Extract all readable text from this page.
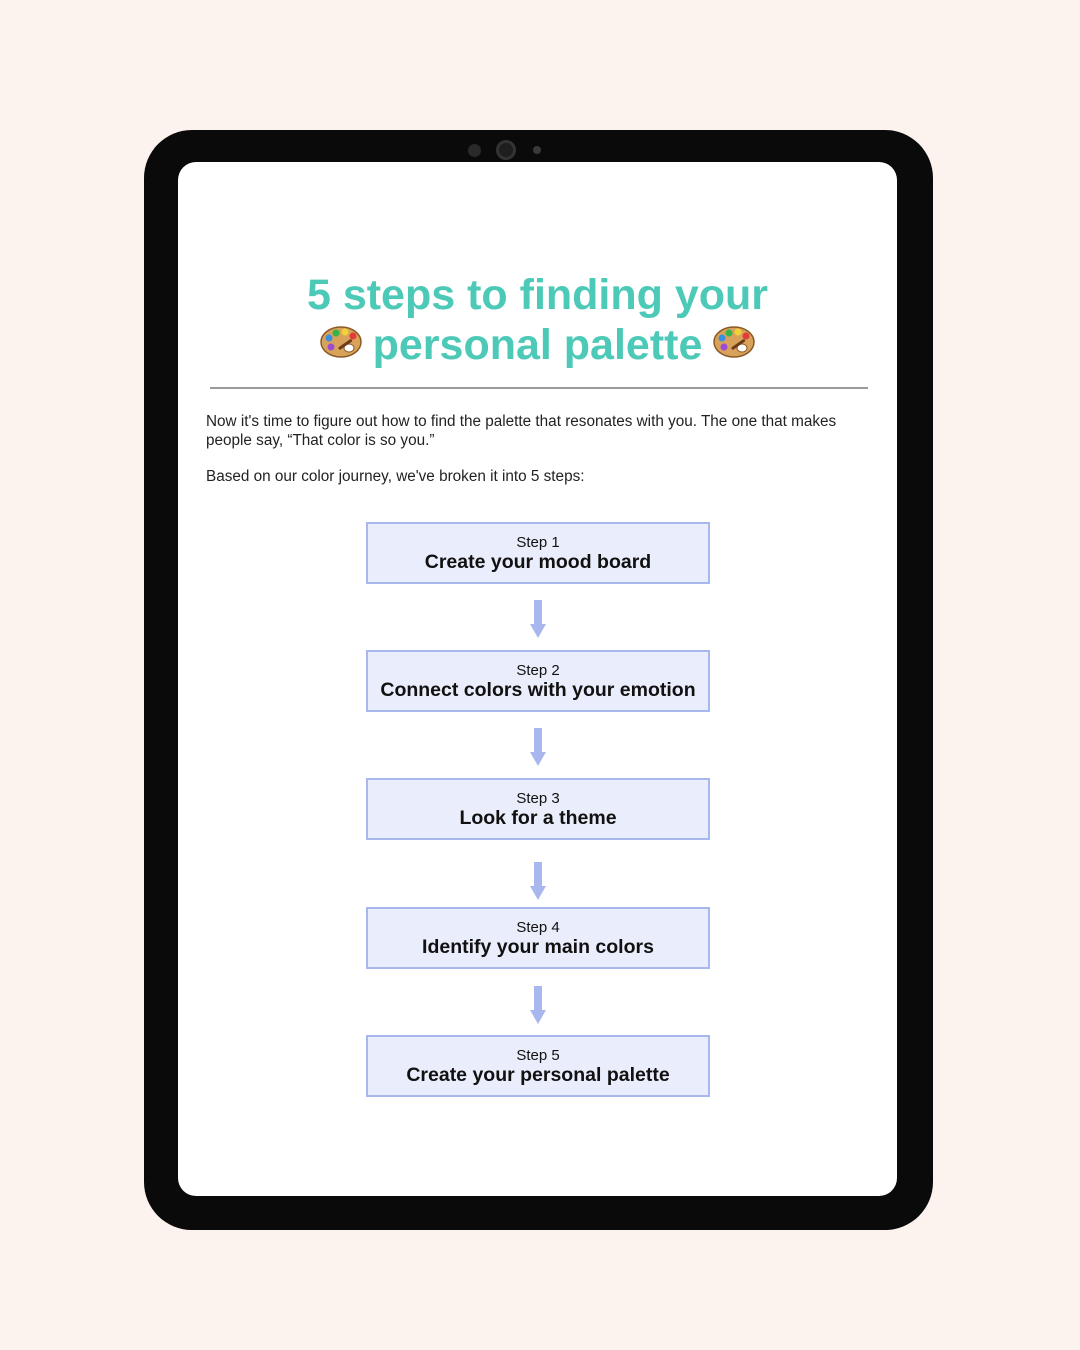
5 steps to finding your
personal palette

Now it's time to figure out how to find the palette that resonates with you. The one that makes people say, “That color is so you.”

Based on our color journey, we've broken it into 5 steps:

Step 1
Create your mood board
Step 2
Connect colors with your emotion
Step 3
Look for a theme
Step 4
Identify your main colors
Step 5
Create your personal palette
